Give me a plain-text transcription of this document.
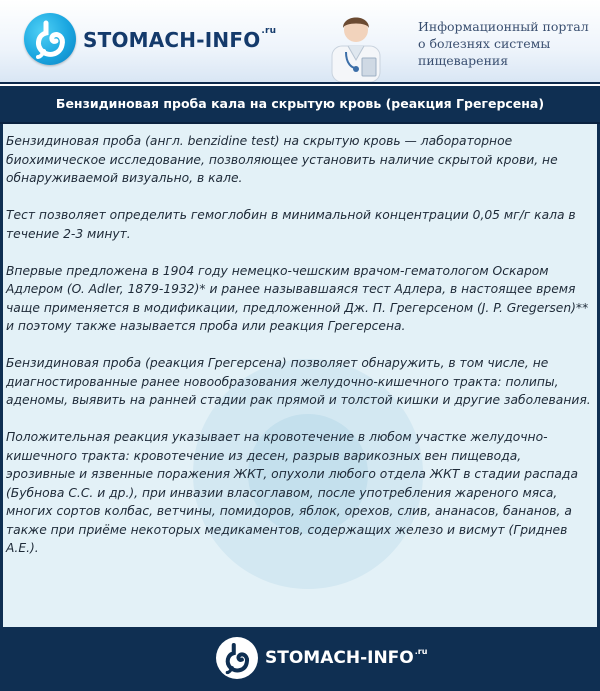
STOMACH-$INFO^{.ru}$	Информационный портал
о болезнях системы
пищеварения
Бензидиновая проба кала на скрытую кровь (реакция Грегерсена)

Бензидиновая проба (англ. benzidine test) на скрытую кровь — лабораторное биохимическое исследование, позволяющее установить наличие скрытой крови, не обнаруживаемой визуально, в кале.

Тест позволяет определить гемоглобин в минимальной концентрации 0,05 мг/г кала в течение 2-3 минут.

Впервые предложена в 1904 году немецко-чешским врачом-гематологом Оскаром Адлером (O. Adler, 1879-1932)* и ранее называвшаяся тест Адлера, в настоящее время чаще применяется в модификации, предложенной Дж. П. Грегерсеном (J. P. Gregersen)** и поэтому также называется проба или реакция Грегерсена.

Бензидиновая проба (реакция Грегерсена) позволяет обнаружить, в том числе, не диагностированные ранее новообразования желудочно-кишечного тракта: полипы, аденомы, выявить на ранней стадии рак прямой и толстой кишки и другие заболевания.

Положительная реакция указывает на кровотечение в любом участке желудочно-кишечного тракта: кровотечение из десен, разрыв варикозных вен пищевода, эрозивные и язвенные поражения ЖКТ, опухоли любого отдела ЖКТ в стадии распада (Бубнова С.С. и др.), при инвазии власоглавом, после употребления жареного мяса, многих сортов колбас, ветчины, помидоров, яблок, орехов, слив, ананасов, бананов, а также при приёме некоторых медикаментов, содержащих железо и висмут (Гриднев А.Е.).

STOMACH-$INFO^{.ru}$
